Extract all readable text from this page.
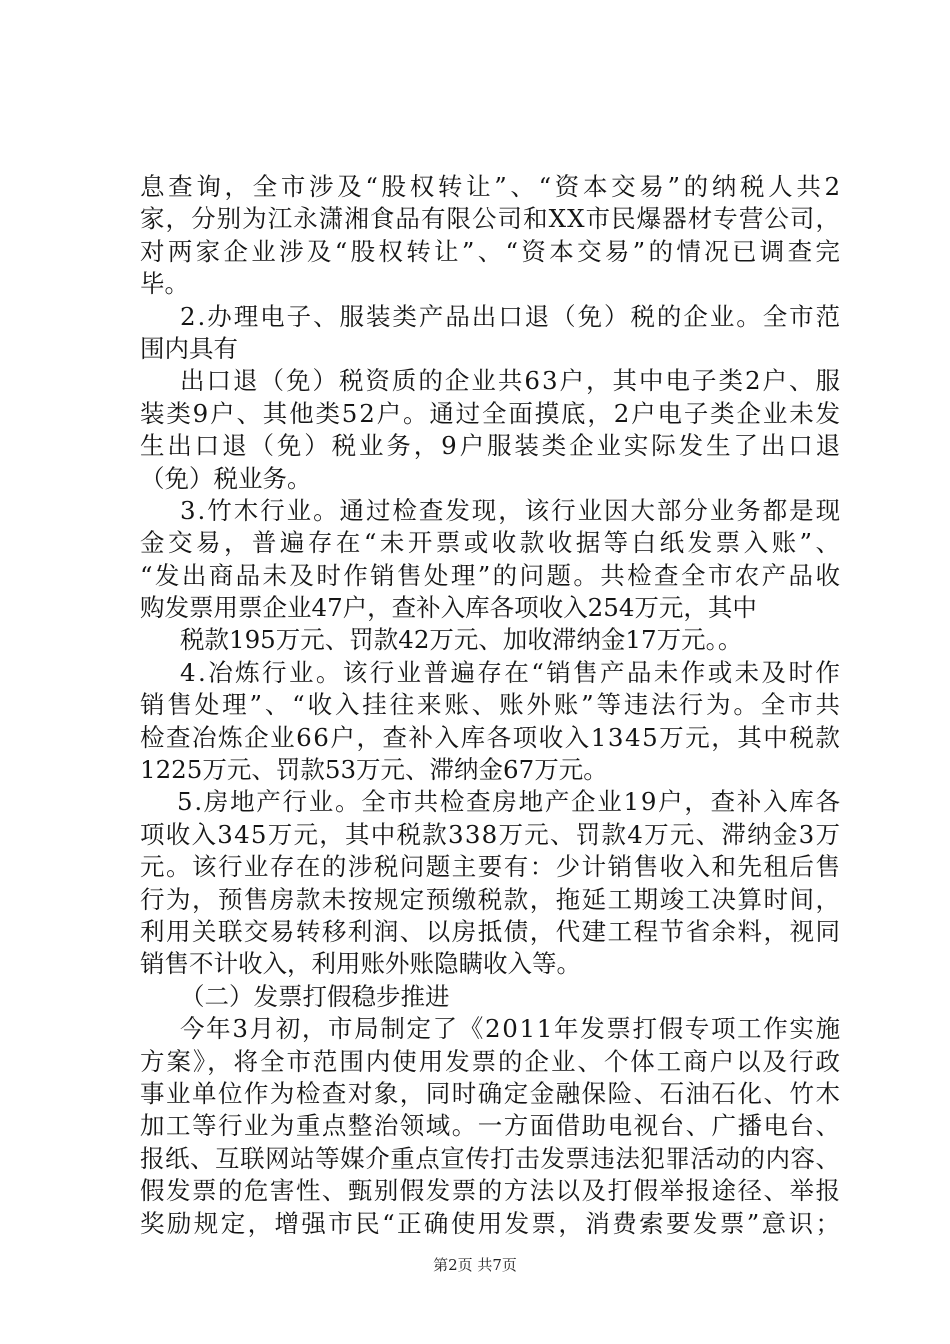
息查询，全市涉及“股权转让”、“资本交易”的纳税人共2
家，分别为江永潇湘食品有限公司和XX市民爆器材专营公司，
对两家企业涉及“股权转让”、“资本交易”的情况已调查完
毕。
2.办理电子、服装类产品出口退（免）税的企业。全市范
围内具有
出口退（免）税资质的企业共63户，其中电子类2户、服
装类9户、其他类52户。通过全面摸底，2户电子类企业未发
生出口退（免）税业务，9户服装类企业实际发生了出口退
（免）税业务。
3.竹木行业。通过检查发现，该行业因大部分业务都是现
金交易，普遍存在“未开票或收款收据等白纸发票入账”、
“发出商品未及时作销售处理”的问题。共检查全市农产品收
购发票用票企业47户，查补入库各项收入254万元，其中
税款195万元、罚款42万元、加收滞纳金17万元。。
4.冶炼行业。该行业普遍存在“销售产品未作或未及时作
销售处理”、“收入挂往来账、账外账”等违法行为。全市共
检查冶炼企业66户，查补入库各项收入1345万元，其中税款
1225万元、罚款53万元、滞纳金67万元。
5.房地产行业。全市共检查房地产企业19户，查补入库各
项收入345万元，其中税款338万元、罚款4万元、滞纳金3万
元。该行业存在的涉税问题主要有：少计销售收入和先租后售
行为，预售房款未按规定预缴税款，拖延工期竣工决算时间，
利用关联交易转移利润、以房抵债，代建工程节省余料，视同
销售不计收入，利用账外账隐瞒收入等。
（二）发票打假稳步推进
今年3月初，市局制定了《2011年发票打假专项工作实施
方案》，将全市范围内使用发票的企业、个体工商户以及行政
事业单位作为检查对象，同时确定金融保险、石油石化、竹木
加工等行业为重点整治领域。一方面借助电视台、广播电台、
报纸、互联网站等媒介重点宣传打击发票违法犯罪活动的内容、
假发票的危害性、甄别假发票的方法以及打假举报途径、举报
奖励规定，增强市民“正确使用发票，消费索要发票”意识；
第2页 共7页
